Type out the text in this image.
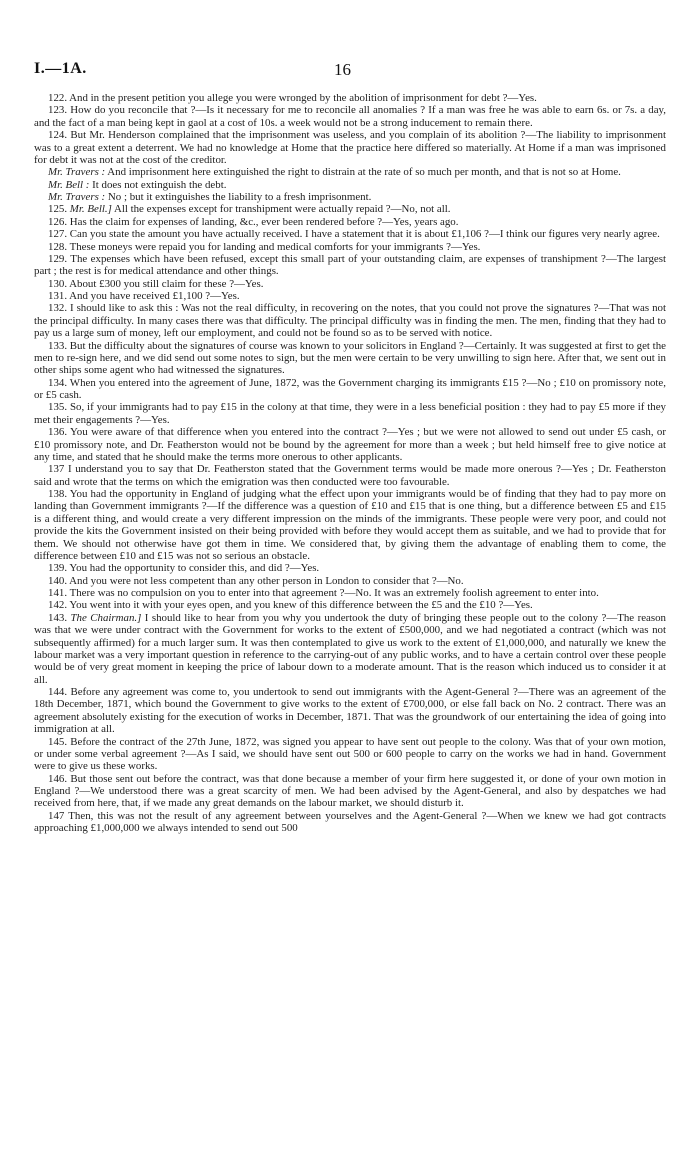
I.—1A.	16

122. And in the present petition you allege you were wronged by the abolition of imprisonment for debt ?—Yes.

123. How do you reconcile that ?—Is it necessary for me to reconcile all anomalies ? If a man was free he was able to earn 6s. or 7s. a day, and the fact of a man being kept in gaol at a cost of 10s. a week would not be a strong inducement to remain there.

124. But Mr. Henderson complained that the imprisonment was useless, and you complain of its abolition ?—The liability to imprisonment was to a great extent a deterrent. We had no knowledge at Home that the practice here differed so materially. At Home if a man was imprisoned for debt it was not at the cost of the creditor.

Mr. Travers : And imprisonment here extinguished the right to distrain at the rate of so much per month, and that is not so at Home.

Mr. Bell : It does not extinguish the debt.

Mr. Travers : No ; but it extinguishes the liability to a fresh imprisonment.

125. Mr. Bell.] All the expenses except for transhipment were actually repaid ?—No, not all.

126. Has the claim for expenses of landing, &c., ever been rendered before ?—Yes, years ago.

127. Can you state the amount you have actually received. I have a statement that it is about £1,106 ?—I think our figures very nearly agree.

128. These moneys were repaid you for landing and medical comforts for your immigrants ?—Yes.

129. The expenses which have been refused, except this small part of your outstanding claim, are expenses of transhipment ?—The largest part ; the rest is for medical attendance and other things.

130. About £300 you still claim for these ?—Yes.

131. And you have received £1,100 ?—Yes.

132. I should like to ask this : Was not the real difficulty, in recovering on the notes, that you could not prove the signatures ?—That was not the principal difficulty. In many cases there was that difficulty. The principal difficulty was in finding the men. The men, finding that they had to pay us a large sum of money, left our employment, and could not be found so as to be served with notice.

133. But the difficulty about the signatures of course was known to your solicitors in England ?—Certainly. It was suggested at first to get the men to re-sign here, and we did send out some notes to sign, but the men were certain to be very unwilling to sign here. After that, we sent out in other ships some agent who had witnessed the signatures.

134. When you entered into the agreement of June, 1872, was the Government charging its immigrants £15 ?—No ; £10 on promissory note, or £5 cash.

135. So, if your immigrants had to pay £15 in the colony at that time, they were in a less beneficial position : they had to pay £5 more if they met their engagements ?—Yes.

136. You were aware of that difference when you entered into the contract ?—Yes ; but we were not allowed to send out under £5 cash, or £10 promissory note, and Dr. Featherston would not be bound by the agreement for more than a week ; but held himself free to give notice at any time, and stated that he should make the terms more onerous to other applicants.

137 I understand you to say that Dr. Featherston stated that the Government terms would be made more onerous ?—Yes ; Dr. Featherston said and wrote that the terms on which the emigration was then conducted were too favourable.

138. You had the opportunity in England of judging what the effect upon your immigrants would be of finding that they had to pay more on landing than Government immigrants ?—If the difference was a question of £10 and £15 that is one thing, but a difference between £5 and £15 is a different thing, and would create a very different impression on the minds of the immigrants. These people were very poor, and could not provide the kits the Government insisted on their being provided with before they would accept them as suitable, and we had to provide that for them. We should not otherwise have got them in time. We considered that, by giving them the advantage of enabling them to come, the difference between £10 and £15 was not so serious an obstacle.

139. You had the opportunity to consider this, and did ?—Yes.

140. And you were not less competent than any other person in London to consider that ?—No.

141. There was no compulsion on you to enter into that agreement ?—No. It was an extremely foolish agreement to enter into.

142. You went into it with your eyes open, and you knew of this difference between the £5 and the £10 ?—Yes.

143. The Chairman.] I should like to hear from you why you undertook the duty of bringing these people out to the colony ?—The reason was that we were under contract with the Government for works to the extent of £500,000, and we had negotiated a contract (which was not subsequently affirmed) for a much larger sum. It was then contemplated to give us work to the extent of £1,000,000, and naturally we knew the labour market was a very important question in reference to the carrying-out of any public works, and to have a certain control over these people would be of very great moment in keeping the price of labour down to a moderate amount. That is the reason which induced us to consider it at all.

144. Before any agreement was come to, you undertook to send out immigrants with the Agent-General ?—There was an agreement of the 18th December, 1871, which bound the Government to give works to the extent of £700,000, or else fall back on No. 2 contract. There was an agreement absolutely existing for the execution of works in December, 1871. That was the groundwork of our entertaining the idea of going into immigration at all.

145. Before the contract of the 27th June, 1872, was signed you appear to have sent out people to the colony. Was that of your own motion, or under some verbal agreement ?—As I said, we should have sent out 500 or 600 people to carry on the works we had in hand. Government were to give us these works.

146. But those sent out before the contract, was that done because a member of your firm here suggested it, or done of your own motion in England ?—We understood there was a great scarcity of men. We had been advised by the Agent-General, and also by despatches we had received from here, that, if we made any great demands on the labour market, we should disturb it.

147 Then, this was not the result of any agreement between yourselves and the Agent-General ?—When we knew we had got contracts approaching £1,000,000 we always intended to send out 500
